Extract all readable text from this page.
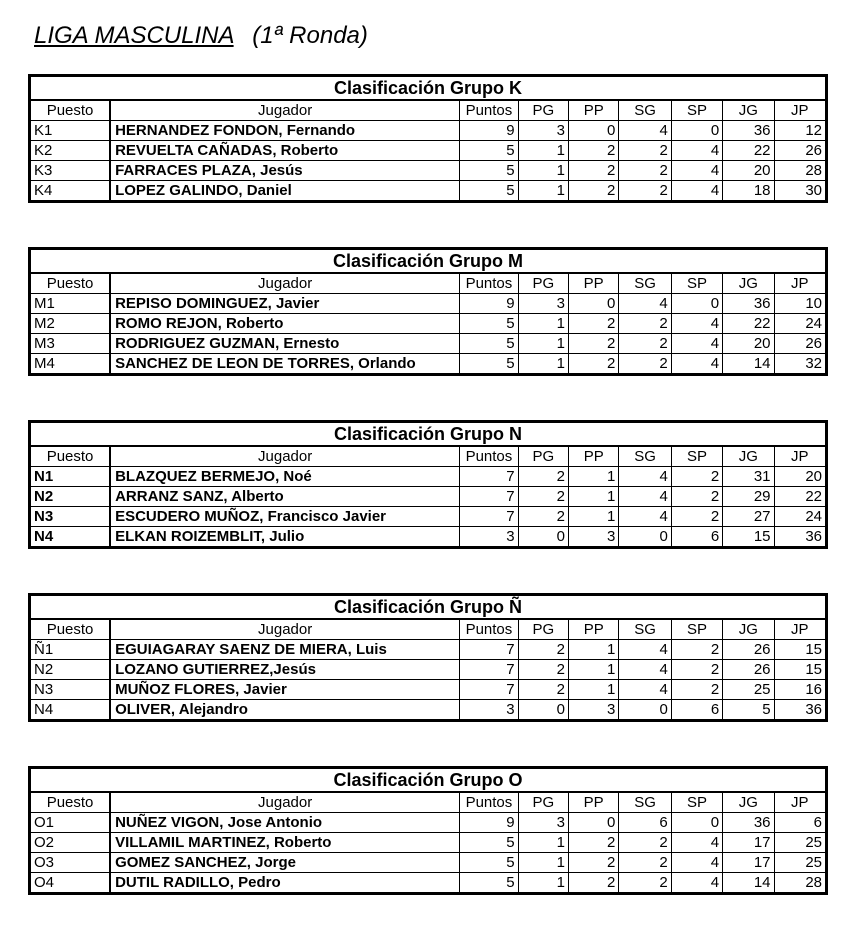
LIGA MASCULINA (1ª Ronda)
Clasificación Grupo K								
Puesto	Jugador	Puntos	PG	PP	SG	SP	JG	JP
K1	HERNANDEZ FONDON, Fernando	9	3	0	4	0	36	12
K2	REVUELTA CAÑADAS, Roberto	5	1	2	2	4	22	26
K3	FARRACES PLAZA, Jesús	5	1	2	2	4	20	28
K4	LOPEZ GALINDO, Daniel	5	1	2	2	4	18	30
Clasificación Grupo M								
Puesto	Jugador	Puntos	PG	PP	SG	SP	JG	JP
M1	REPISO DOMINGUEZ, Javier	9	3	0	4	0	36	10
M2	ROMO REJON, Roberto	5	1	2	2	4	22	24
M3	RODRIGUEZ GUZMAN, Ernesto	5	1	2	2	4	20	26
M4	SANCHEZ DE LEON DE TORRES, Orlando	5	1	2	2	4	14	32
Clasificación Grupo N								
Puesto	Jugador	Puntos	PG	PP	SG	SP	JG	JP
N1	BLAZQUEZ BERMEJO, Noé	7	2	1	4	2	31	20
N2	ARRANZ SANZ, Alberto	7	2	1	4	2	29	22
N3	ESCUDERO MUÑOZ, Francisco Javier	7	2	1	4	2	27	24
N4	ELKAN ROIZEMBLIT, Julio	3	0	3	0	6	15	36
Clasificación Grupo Ñ								
Puesto	Jugador	Puntos	PG	PP	SG	SP	JG	JP
Ñ1	EGUIAGARAY SAENZ DE MIERA, Luis	7	2	1	4	2	26	15
N2	LOZANO GUTIERREZ,Jesús	7	2	1	4	2	26	15
N3	MUÑOZ FLORES, Javier	7	2	1	4	2	25	16
N4	OLIVER, Alejandro	3	0	3	0	6	5	36
Clasificación Grupo O								
Puesto	Jugador	Puntos	PG	PP	SG	SP	JG	JP
O1	NUÑEZ VIGON, Jose Antonio	9	3	0	6	0	36	6
O2	VILLAMIL MARTINEZ, Roberto	5	1	2	2	4	17	25
O3	GOMEZ SANCHEZ, Jorge	5	1	2	2	4	17	25
O4	DUTIL RADILLO, Pedro	5	1	2	2	4	14	28
